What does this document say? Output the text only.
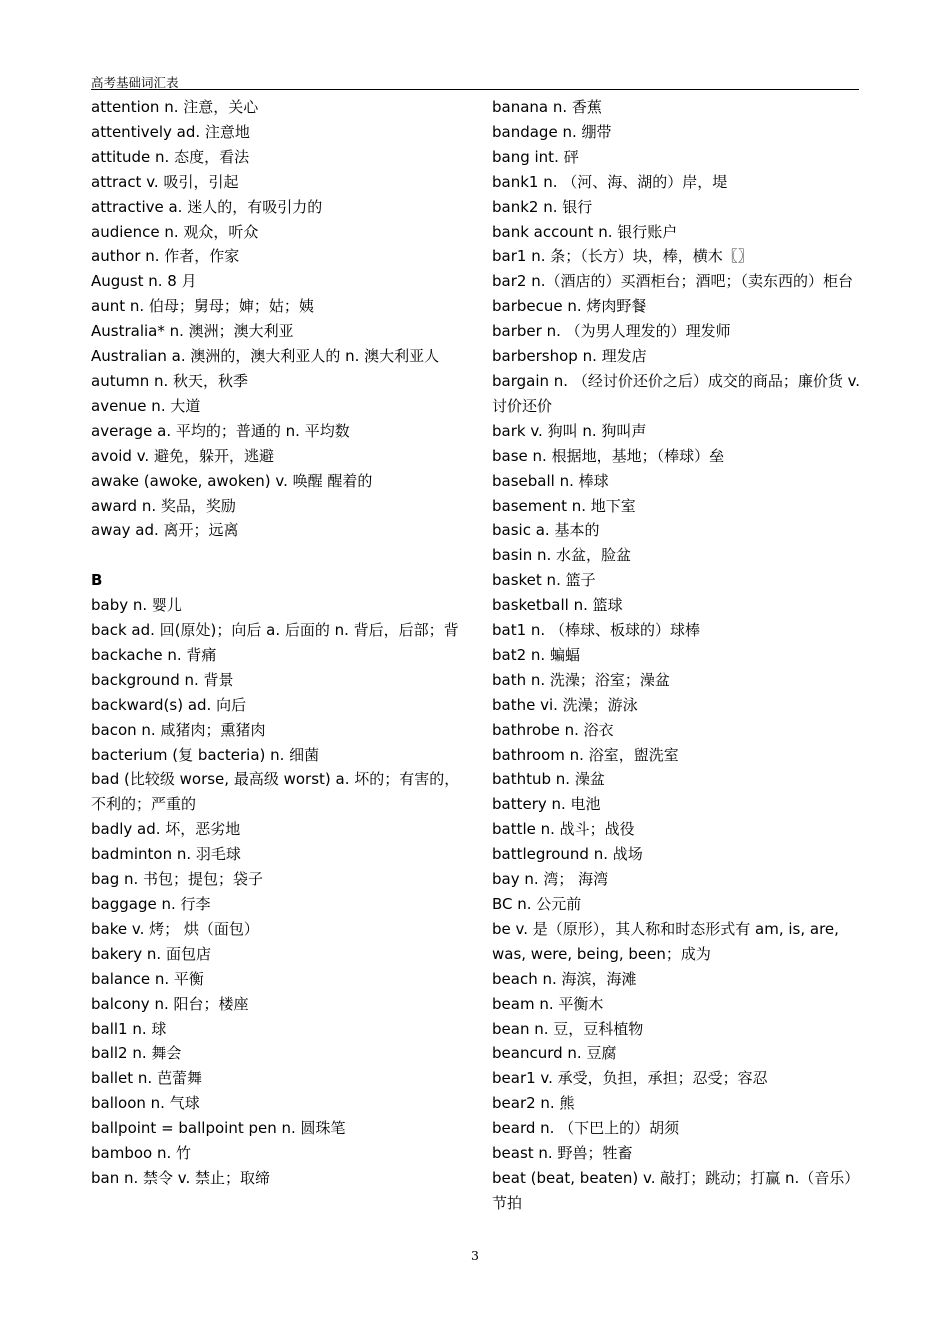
高考基础词汇表

attention n. 注意，关心

attentively ad. 注意地

attitude n. 态度，看法

attract v. 吸引，引起

attractive a. 迷人的，有吸引力的

audience n. 观众，听众

author n. 作者，作家

August n. 8 月

aunt n. 伯母；舅母；婶；姑；姨

Australia* n. 澳洲；澳大利亚

Australian a. 澳洲的，澳大利亚人的 n. 澳大利亚人

autumn n. 秋天，秋季

avenue n. 大道

average a. 平均的；普通的 n. 平均数

avoid v. 避免，躲开，逃避

awake (awoke, awoken) v. 唤醒 醒着的

award n. 奖品，奖励

away ad. 离开；远离

B

baby n. 婴儿

back ad. 回(原处)；向后 a. 后面的 n. 背后，后部；背

backache n. 背痛

background n. 背景

backward(s) ad. 向后

bacon n. 咸猪肉；熏猪肉

bacterium (复 bacteria) n. 细菌

bad (比较级 worse, 最高级 worst) a. 坏的；有害的，不利的；严重的

badly ad. 坏，恶劣地

badminton n. 羽毛球

bag n. 书包；提包；袋子

baggage n. 行李

bake v. 烤； 烘（面包）

bakery n. 面包店

balance n. 平衡

balcony n. 阳台；楼座

ball1 n. 球

ball2 n. 舞会

ballet n. 芭蕾舞

balloon n. 气球

ballpoint = ballpoint pen n. 圆珠笔

bamboo n. 竹

ban n. 禁令 v. 禁止；取缔

banana n. 香蕉

bandage n. 绷带

bang int. 砰

bank1 n. （河、海、湖的）岸，堤

bank2 n. 银行

bank account n. 银行账户

bar1 n. 条；（长方）块，棒，横木〖〗

bar2 n.（酒店的）买酒柜台；酒吧；（卖东西的）柜台

barbecue n. 烤肉野餐

barber n. （为男人理发的）理发师

barbershop n. 理发店

bargain n. （经讨价还价之后）成交的商品；廉价货 v. 讨价还价

bark v. 狗叫 n. 狗叫声

base n. 根据地，基地；（棒球）垒

baseball n. 棒球

basement n. 地下室

basic a. 基本的

basin n. 水盆，脸盆

basket n. 篮子

basketball n. 篮球

bat1 n. （棒球、板球的）球棒

bat2 n. 蝙蝠

bath n. 洗澡；浴室；澡盆

bathe vi. 洗澡；游泳

bathrobe n. 浴衣

bathroom n. 浴室，盥洗室

bathtub n. 澡盆

battery n. 电池

battle n. 战斗；战役

battleground n. 战场

bay n. 湾； 海湾

BC n. 公元前

be v. 是（原形），其人称和时态形式有 am, is, are, was, were, being, been；成为

beach n. 海滨，海滩

beam n. 平衡木

bean n. 豆，豆科植物

beancurd n. 豆腐

bear1 v. 承受，负担，承担；忍受；容忍

bear2 n. 熊

beard n. （下巴上的）胡须

beast n. 野兽；牲畜

beat (beat, beaten) v. 敲打；跳动；打赢 n.（音乐）节拍

3
